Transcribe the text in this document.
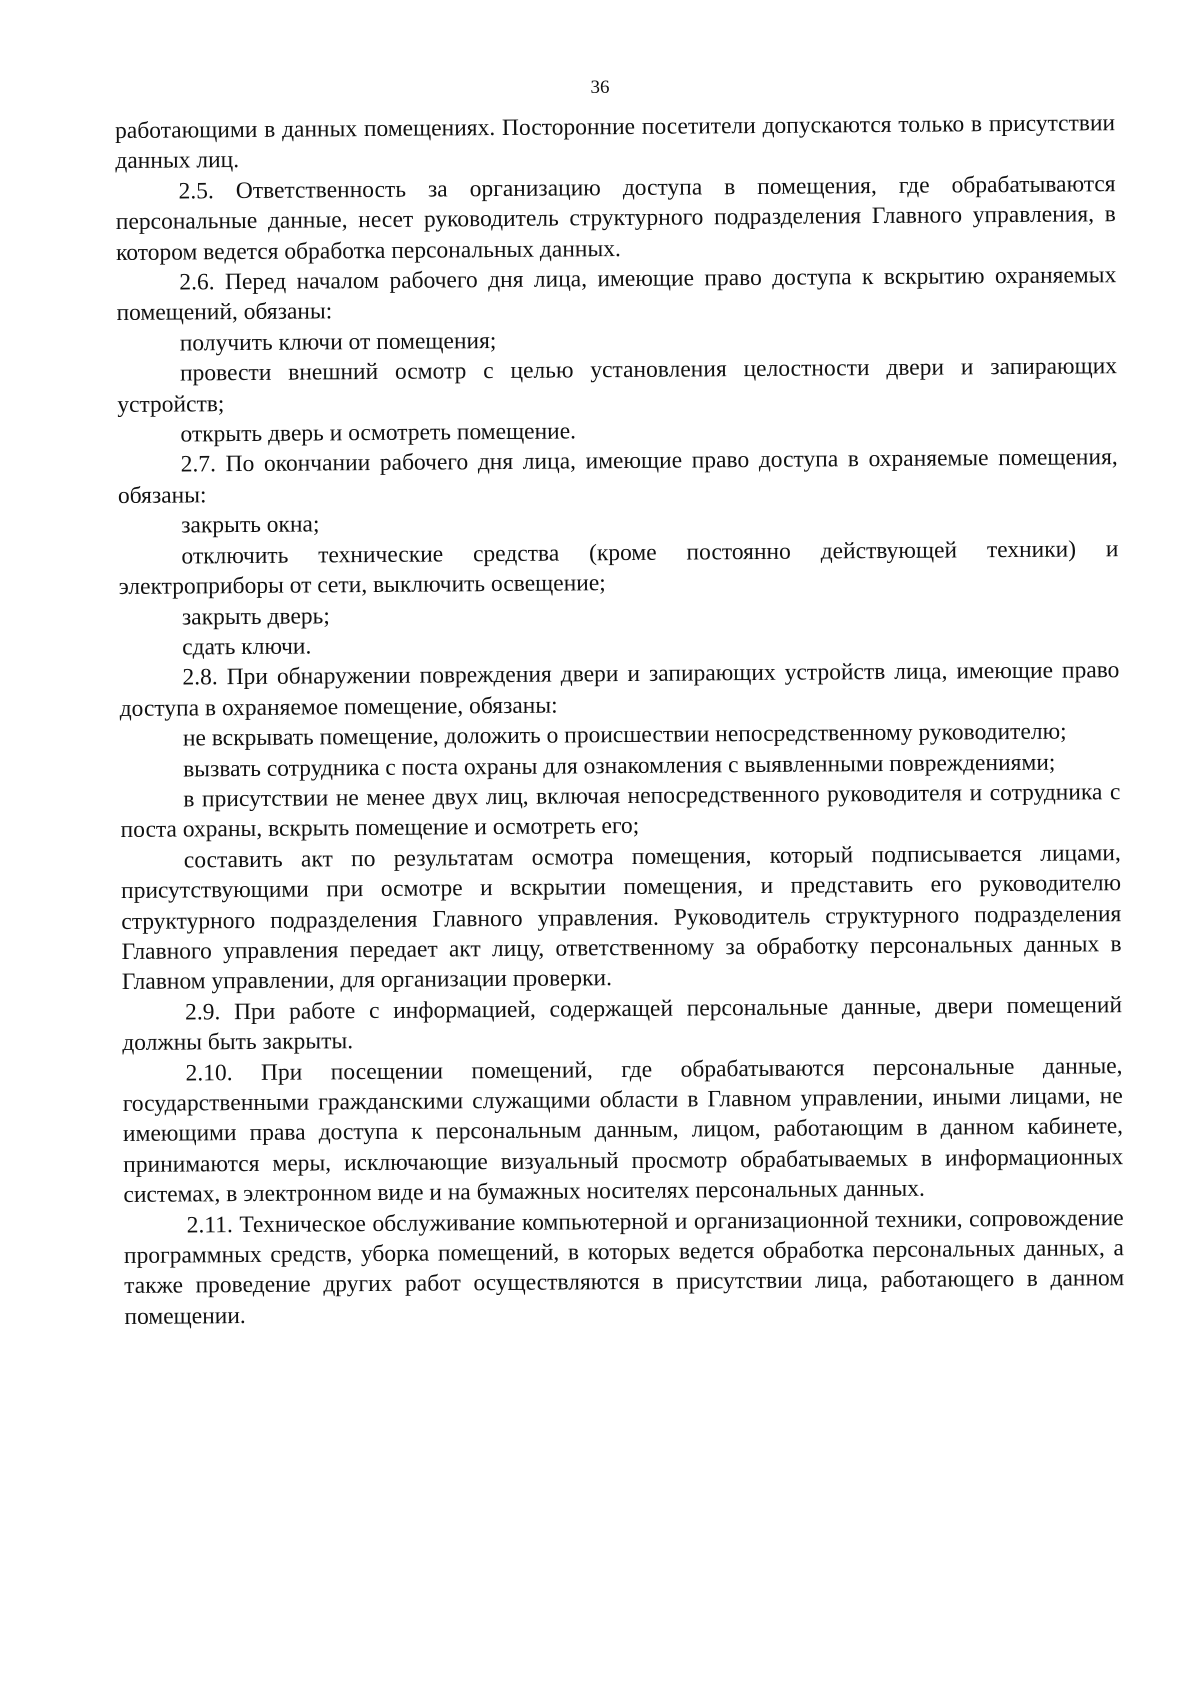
36

работающими в данных помещениях. Посторонние посетители допускаются только в присутствии данных лиц.

2.5. Ответственность за организацию доступа в помещения, где обрабатываются персональные данные, несет руководитель структурного подразделения Главного управления, в котором ведется обработка персональных данных.

2.6. Перед началом рабочего дня лица, имеющие право доступа к вскрытию охраняемых помещений, обязаны:

получить ключи от помещения;

провести внешний осмотр с целью установления целостности двери и запирающих устройств;

открыть дверь и осмотреть помещение.

2.7. По окончании рабочего дня лица, имеющие право доступа в охраняемые помещения, обязаны:

закрыть окна;

отключить технические средства (кроме постоянно действующей техники) и электроприборы от сети, выключить освещение;

закрыть дверь;

сдать ключи.

2.8. При обнаружении повреждения двери и запирающих устройств лица, имеющие право доступа в охраняемое помещение, обязаны:

не вскрывать помещение, доложить о происшествии непосредственному руководителю;

вызвать сотрудника с поста охраны для ознакомления с выявленными повреждениями;

в присутствии не менее двух лиц, включая непосредственного руководителя и сотрудника с поста охраны, вскрыть помещение и осмотреть его;

составить акт по результатам осмотра помещения, который подписывается лицами, присутствующими при осмотре и вскрытии помещения, и представить его руководителю структурного подразделения Главного управления. Руководитель структурного подразделения Главного управления передает акт лицу, ответственному за обработку персональных данных в Главном управлении, для организации проверки.

2.9. При работе с информацией, содержащей персональные данные, двери помещений должны быть закрыты.

2.10. При посещении помещений, где обрабатываются персональные данные, государственными гражданскими служащими области в Главном управлении, иными лицами, не имеющими права доступа к персональным данным, лицом, работающим в данном кабинете, принимаются меры, исключающие визуальный просмотр обрабатываемых в информационных системах, в электронном виде и на бумажных носителях персональных данных.

2.11. Техническое обслуживание компьютерной и организационной техники, сопровождение программных средств, уборка помещений, в которых ведется обработка персональных данных, а также проведение других работ осуществляются в присутствии лица, работающего в данном помещении.
